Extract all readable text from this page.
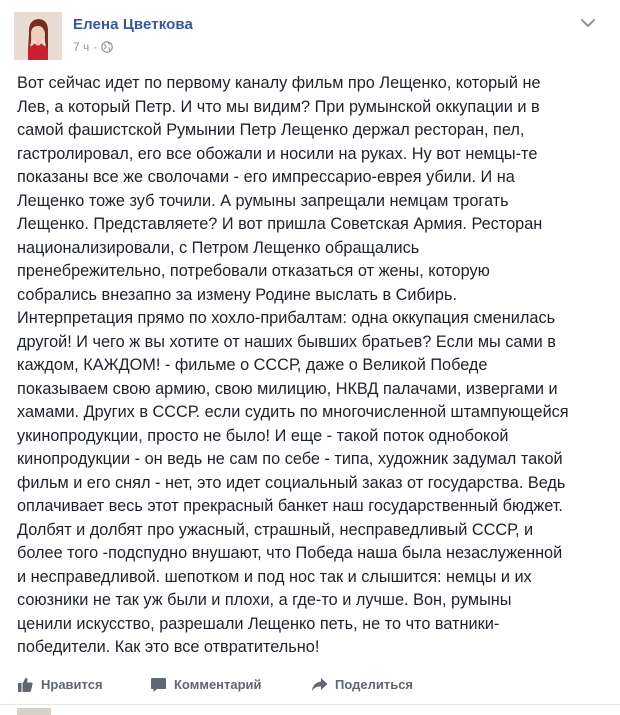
Елена Цветкова
7 ч ·
Вот сейчас идет по первому каналу фильм про Лещенко, который не
Лев, а который Петр. И что мы видим? При румынской оккупации и в
самой фашистской Румынии Петр Лещенко держал ресторан, пел,
гастролировал, его все обожали и носили на руках. Ну вот немцы-те
показаны все же сволочами - его импрессарио-еврея убили. И на
Лещенко тоже зуб точили. А румыны запрещали немцам трогать
Лещенко. Представляете? И вот пришла Советская Армия. Ресторан
национализировали, с Петром Лещенко обращались
пренебрежительно, потребовали отказаться от жены, которую
собрались внезапно за измену Родине выслать в Сибирь.
Интерпретация прямо по хохло-прибалтам: одна оккупация сменилась
другой! И чего ж вы хотите от наших бывших братьев? Если мы сами в
каждом, КАЖДОМ! - фильме о СССР, даже о Великой Победе
показываем свою армию, свою милицию, НКВД палачами, извергами и
хамами. Других в СССР. если судить по многочисленной штампующейся
укинопродукции, просто не было! И еще - такой поток однобокой
кинопродукции - он ведь не сам по себе - типа, художник задумал такой
фильм и его снял - нет, это идет социальный заказ от государства. Ведь
оплачивает весь этот прекрасный банкет наш государственный бюджет.
Долбят и долбят про ужасный, страшный, несправедливый СССР, и
более того -подспудно внушают, что Победа наша была незаслуженной
и несправедливой. шепотком и под нос так и слышится: немцы и их
союзники не так уж были и плохи, а где-то и лучше. Вон, румыны
ценили искусство, разрешали Лещенко петь, не то что ватники-
победители. Как это все отвратительно!
Нравится	Комментарий	Поделиться
